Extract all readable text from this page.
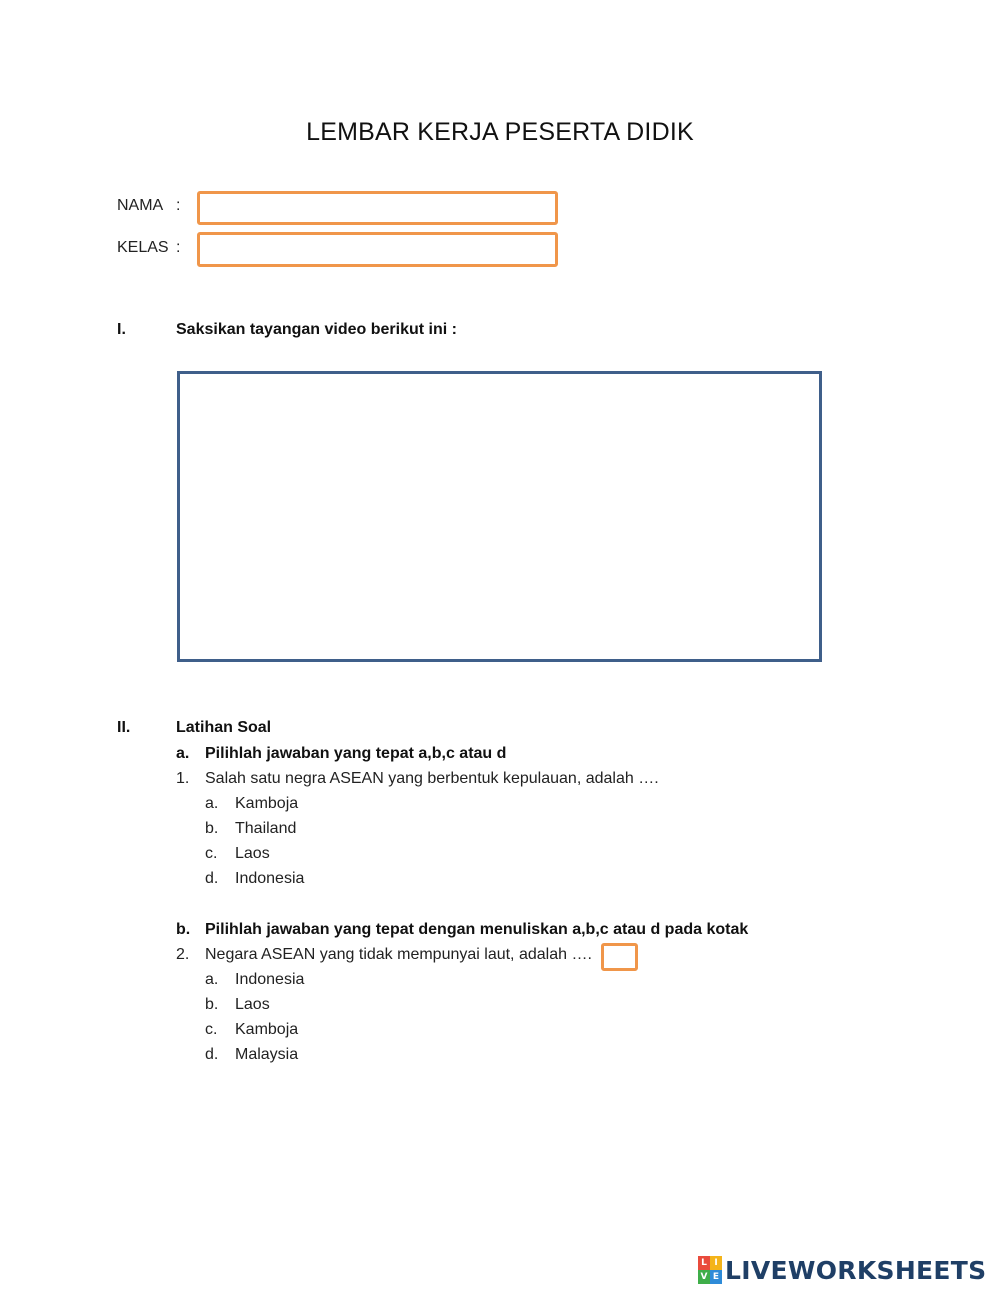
LEMBAR KERJA PESERTA DIDIK
NAMA :
KELAS :
I.	Saksikan tayangan video berikut ini :
II.	Latihan Soal
a. Pilihlah jawaban yang tepat a,b,c atau d
1. Salah satu negra ASEAN yang berbentuk kepulauan, adalah ….
a. Kamboja
b. Thailand
c. Laos
d. Indonesia
b. Pilihlah jawaban yang tepat dengan menuliskan a,b,c atau d pada kotak
2. Negara ASEAN yang tidak mempunyai laut, adalah ….
a. Indonesia
b. Laos
c. Kamboja
d. Malaysia
L I
V E LIVEWORKSHEETS
